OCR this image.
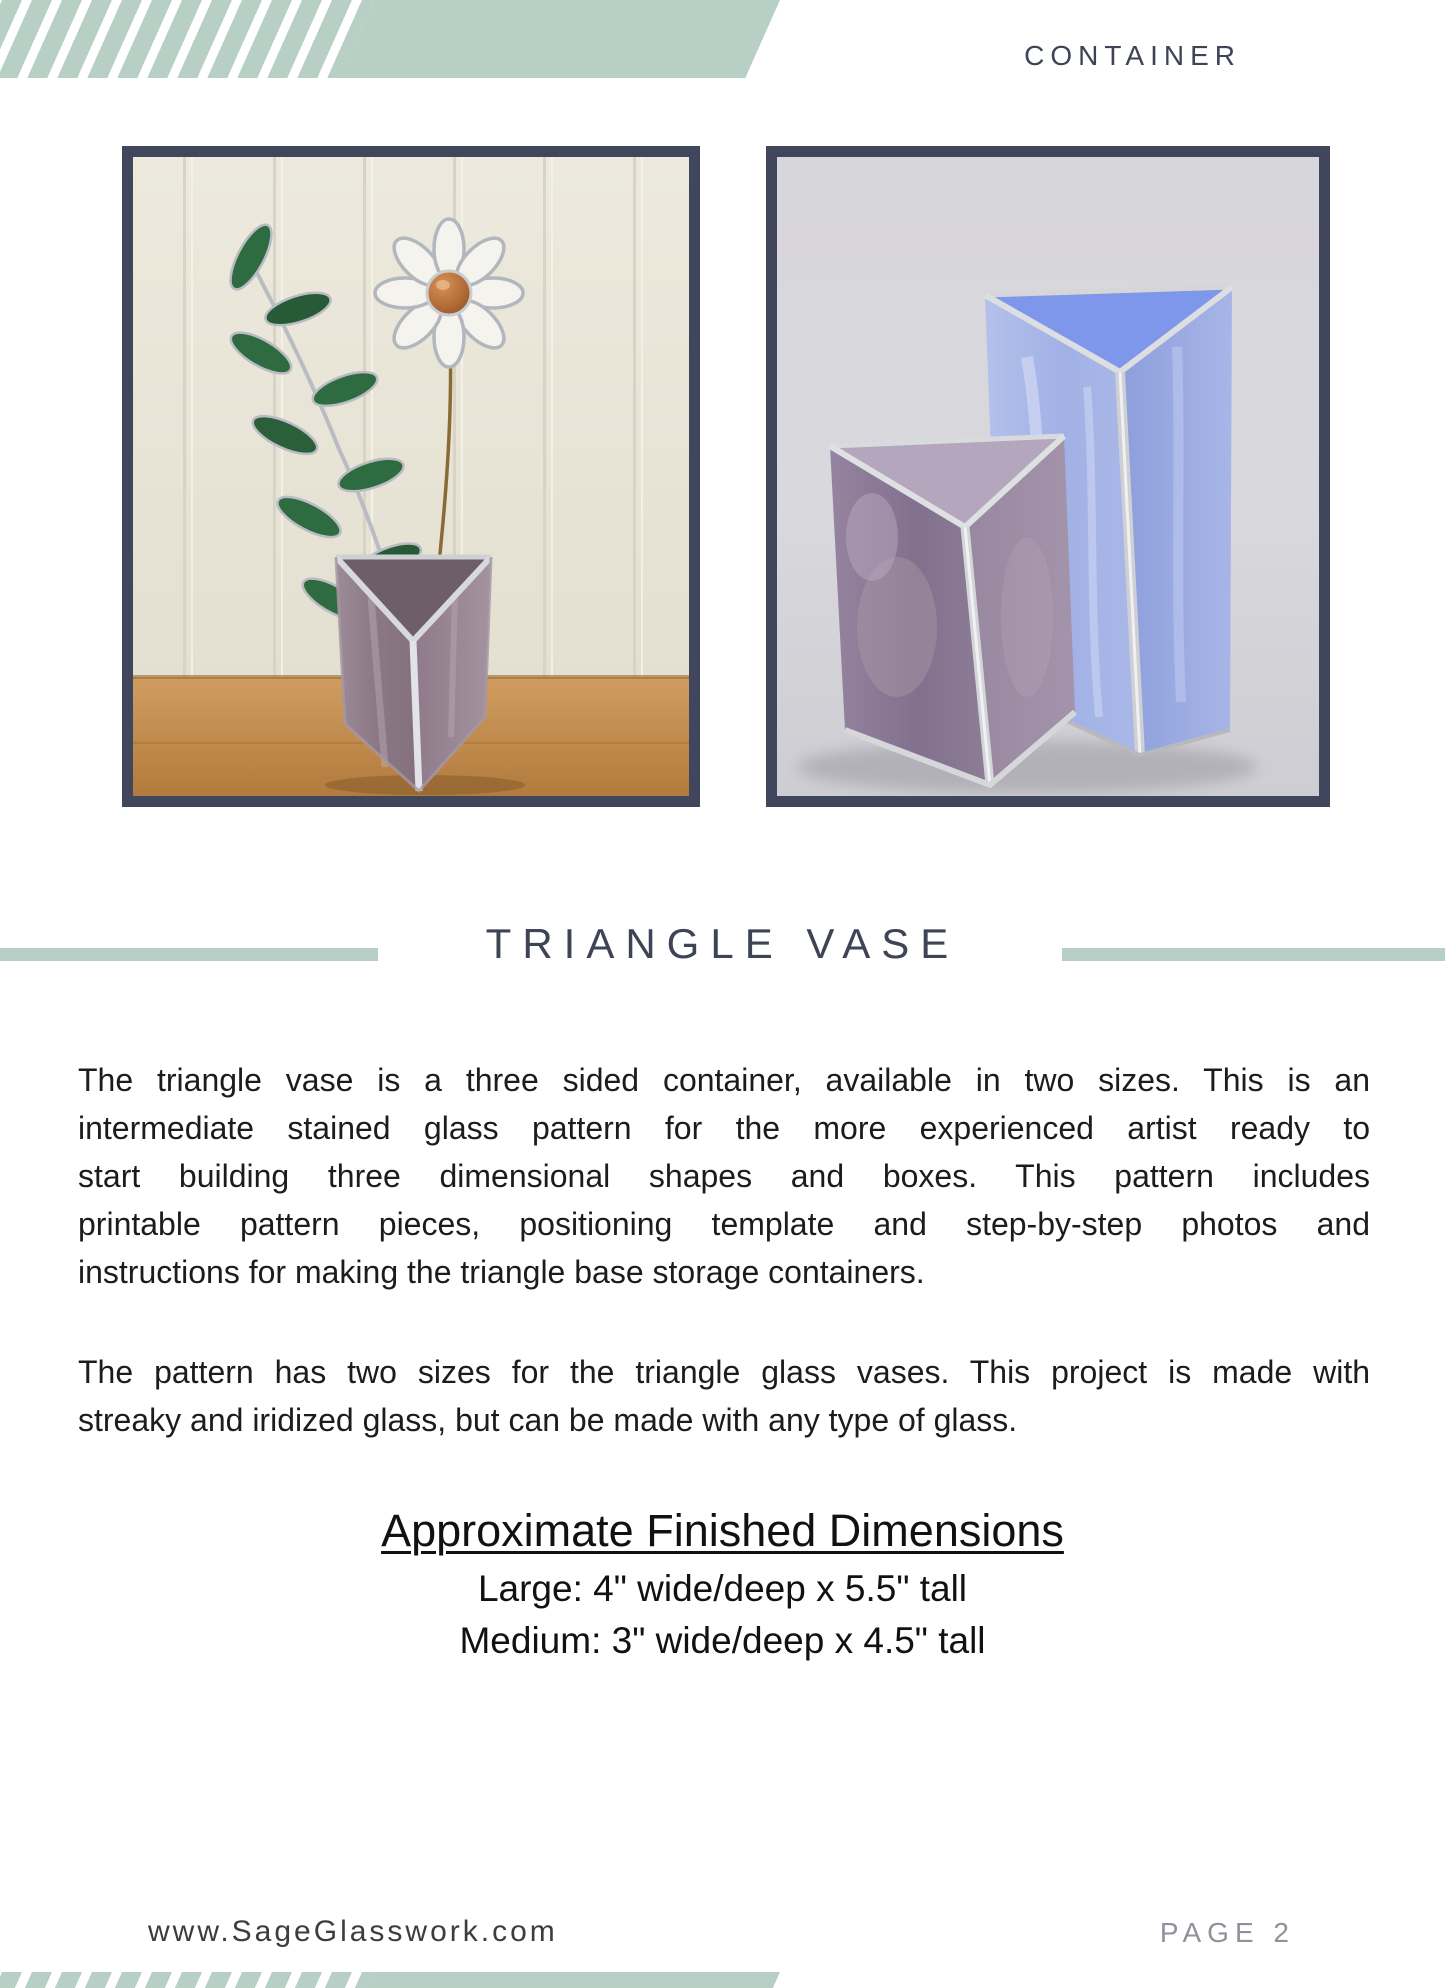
CONTAINER
TRIANGLE VASE
The triangle vase is a three sided container, available in two sizes. This is an
intermediate stained glass pattern for the more experienced artist ready to
start building three dimensional shapes and boxes. This pattern includes
printable pattern pieces, positioning template and step-by-step photos and
instructions for making the triangle base storage containers.
The pattern has two sizes for the triangle glass vases. This project is made with
streaky and iridized glass, but can be made with any type of glass.
Approximate Finished Dimensions
Large: 4" wide/deep x 5.5" tall
Medium: 3" wide/deep x 4.5" tall
www.SageGlasswork.com	PAGE 2
